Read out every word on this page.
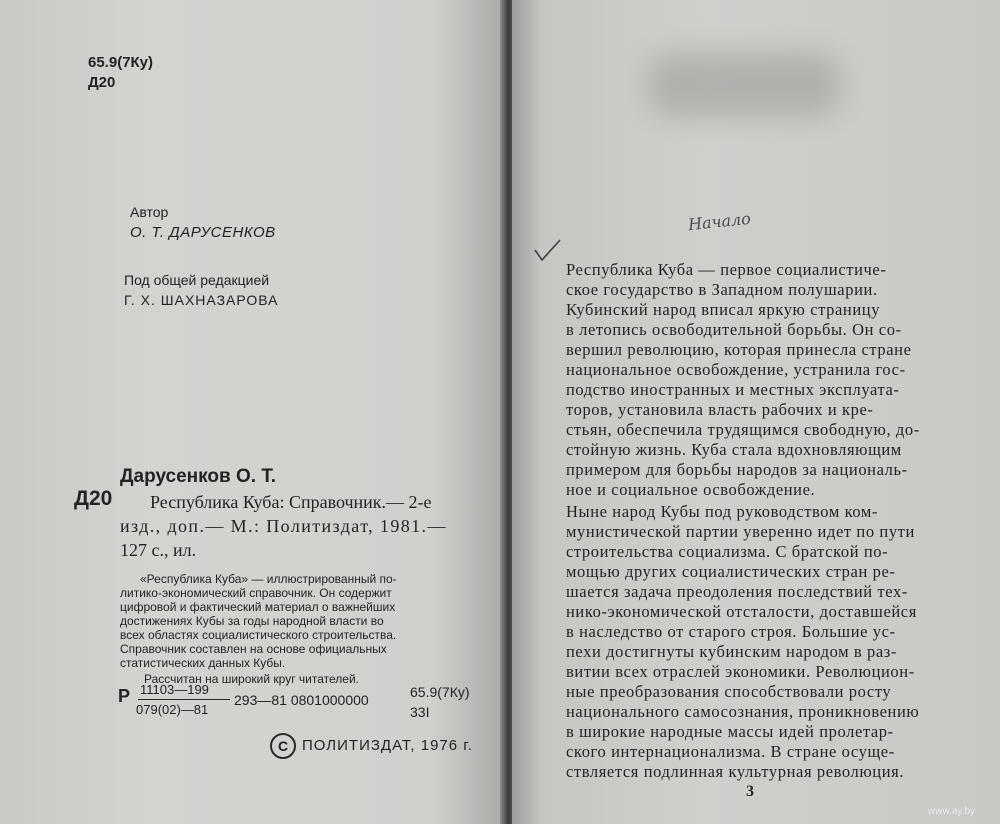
65.9(7Ку)
Д20
Автор
О. Т. ДАРУСЕНКОВ
Под общей редакцией
Г. Х. ШАХНАЗАРОВА
Д20
Дарусенков О. Т.
Республика Куба: Справочник.— 2-е
изд., доп.— М.: Политиздат, 1981.—
127 с., ил.
«Республика Куба» — иллюстрированный по-
литико-экономический справочник. Он содержит
цифровой и фактический материал о важнейших
достижениях Кубы за годы народной власти во
всех областях социалистического строительства.
Справочник составлен на основе официальных
статистических данных Кубы.
Рассчитан на широкий круг читателей.
Р 11103—199
079(02)—81
293—81 0801000000	65.9(7Ку)
33I
C ПОЛИТИЗДАТ, 1976 г.
Начало
Республика Куба — первое социалистиче-
ское государство в Западном полушарии.
Кубинский народ вписал яркую страницу
в летопись освободительной борьбы. Он со-
вершил революцию, которая принесла стране
национальное освобождение, устранила гос-
подство иностранных и местных эксплуата-
торов, установила власть рабочих и кре-
стьян, обеспечила трудящимся свободную, до-
стойную жизнь. Куба стала вдохновляющим
примером для борьбы народов за националь-
ное и социальное освобождение.
Ныне народ Кубы под руководством ком-
мунистической партии уверенно идет по пути
строительства социализма. С братской по-
мощью других социалистических стран ре-
шается задача преодоления последствий тех-
нико-экономической отсталости, доставшейся
в наследство от старого строя. Большие ус-
пехи достигнуты кубинским народом в раз-
витии всех отраслей экономики. Революцион-
ные преобразования способствовали росту
национального самосознания, проникновению
в широкие народные массы идей пролетар-
ского интернационализма. В стране осуще-
ствляется подлинная культурная революция.
3
www.ay.by
